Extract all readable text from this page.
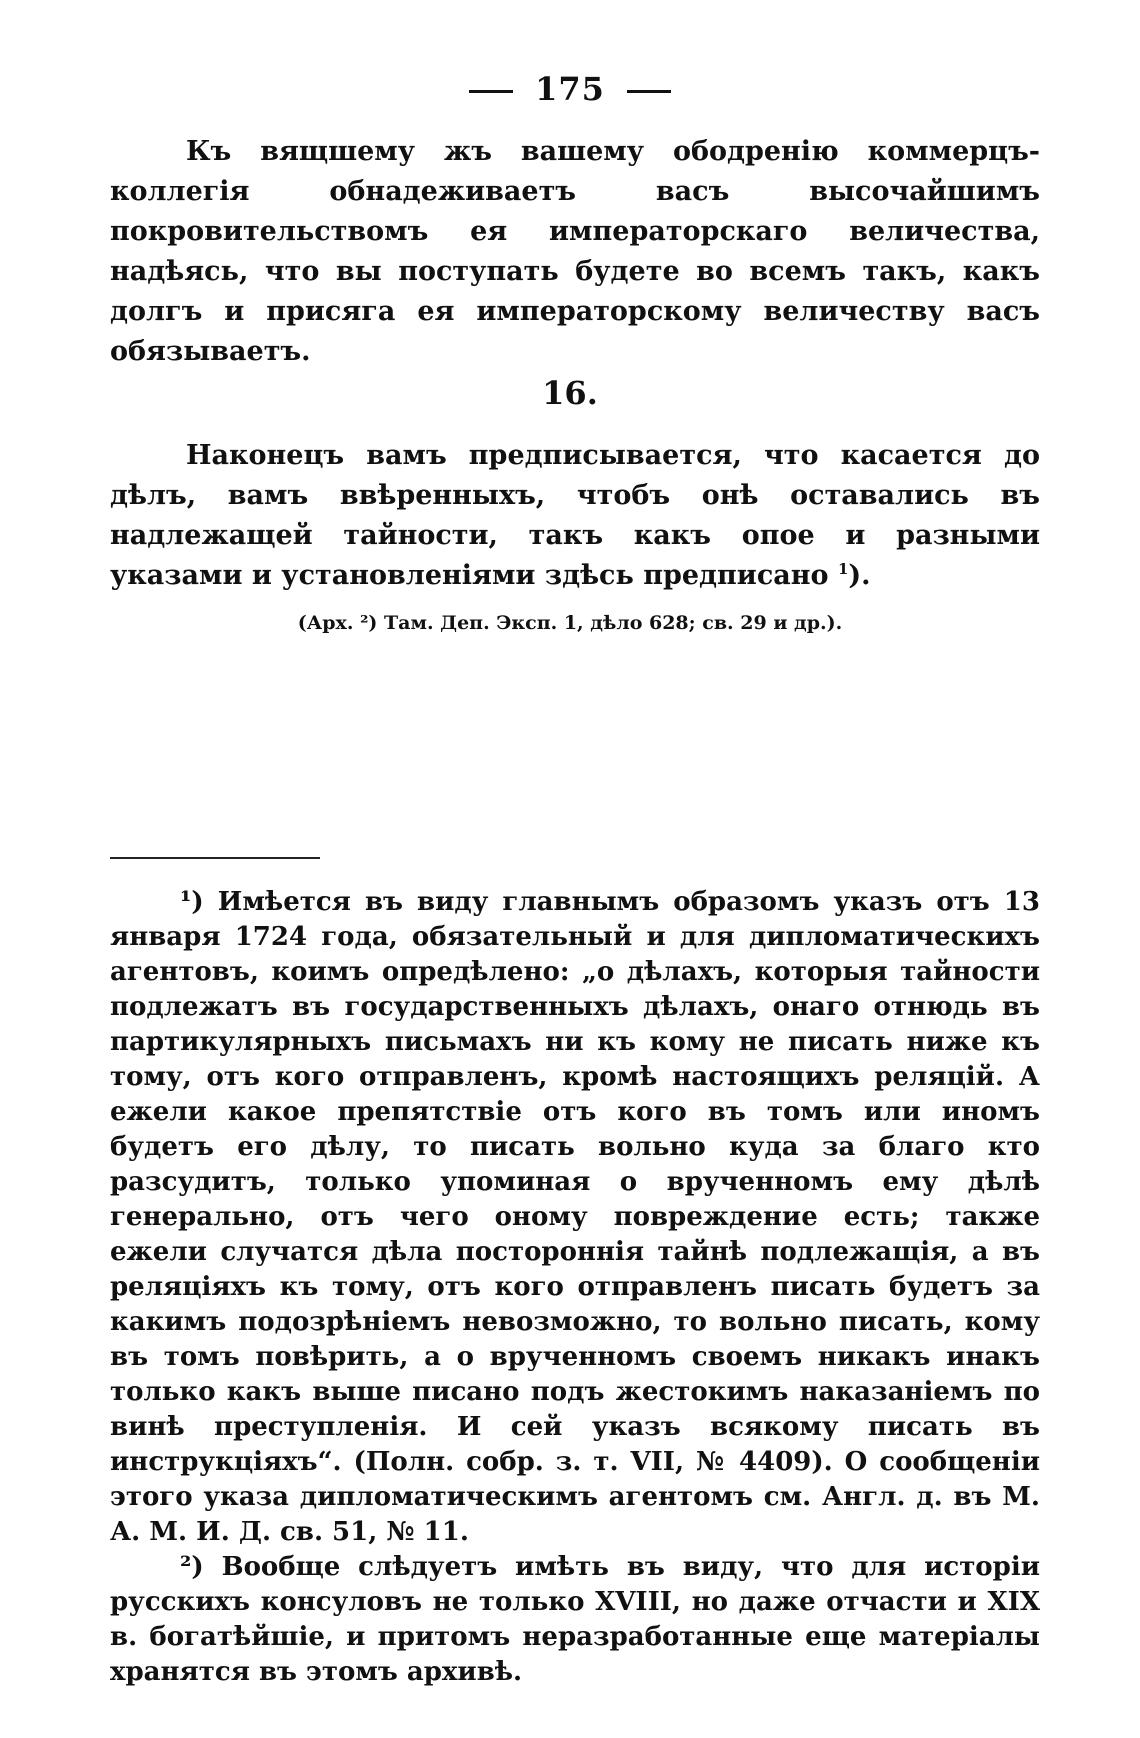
175

Къ вящшему жъ вашему ободренію коммерцъ-коллегія обнадеживаетъ васъ высочайшимъ покровительствомъ ея императорскаго величества, надѣясь, что вы поступать будете во всемъ такъ, какъ долгъ и присяга ея императорскому величеству васъ обязываетъ.

16.

Наконецъ вамъ предписывается, что касается до дѣлъ, вамъ ввѣренныхъ, чтобъ онѣ оставались въ надлежащей тайности, такъ какъ опое и разными указами и установленіями здѣсь предписано $^1$).

(Арх. ²) Там. Деп. Эксп. 1, дѣло 628; св. 29 и др.).

¹) Имѣется въ виду главнымъ образомъ указъ отъ 13 января 1724 года, обязательный и для дипломатическихъ агентовъ, коимъ опредѣлено: „о дѣлахъ, которыя тайности подлежатъ въ государственныхъ дѣлахъ, онаго отнюдь въ партикулярныхъ письмахъ ни къ кому не писать ниже къ тому, отъ кого отправленъ, кромѣ настоящихъ реляцій. А ежели какое препятствіе отъ кого въ томъ или иномъ будетъ его дѣлу, то писать вольно куда за благо кто разсудитъ, только упоминая о врученномъ ему дѣлѣ генерально, отъ чего оному повреждение есть; также ежели случатся дѣла постороннія тайнѣ подлежащія, а въ реляціяхъ къ тому, отъ кого отправленъ писать будетъ за какимъ подозрѣніемъ невозможно, то вольно писать, кому въ томъ повѣрить, а о врученномъ своемъ никакъ инакъ только какъ выше писано подъ жестокимъ наказаніемъ по винѣ преступленія. И сей указъ всякому писать въ инструкціяхъ“. (Полн. собр. з. т. VII, № 4409). О сообщеніи этого указа дипломатическимъ агентомъ см. Англ. д. въ М. А. М. И. Д. св. 51, № 11.

²) Вообще слѣдуетъ имѣть въ виду, что для исторіи русскихъ консуловъ не только XVIII, но даже отчасти и XIX в. богатѣйшіе, и притомъ неразработанные еще матеріалы хранятся въ этомъ архивѣ.
